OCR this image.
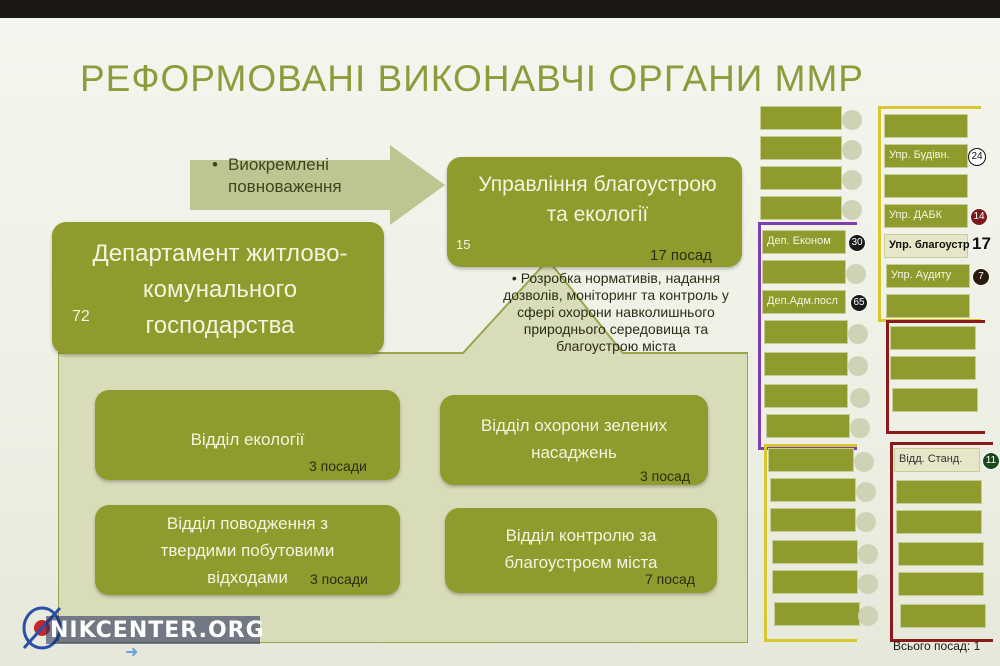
РЕФОРМОВАНІ ВИКОНАВЧІ ОРГАНИ ММР
• Виокремлені повноваження
Департамент житлово-комунального господарства
72
Управління благоустрою та екології
15
17 посад
• Розробка нормативів, надання дозволів, моніторинг та контроль у сфері охорони навколишнього природнього середовища та благоустрою міста
Відділ екології
3 посади
Відділ охорони зелених насаджень
3 посад
Відділ поводження з твердими побутовими відходами	3 посади
Відділ контролю за благоустроєм міста
7 посад
Деп. Економ	30
Деп.Адм.посл	65
Упр. Будівн.	24
Упр. ДАБК	14
Упр. благоустр 17
Упр. Аудиту	7
Відд. Станд.	11
Всього посад: 1
NIKCENTER.ORG
➜
